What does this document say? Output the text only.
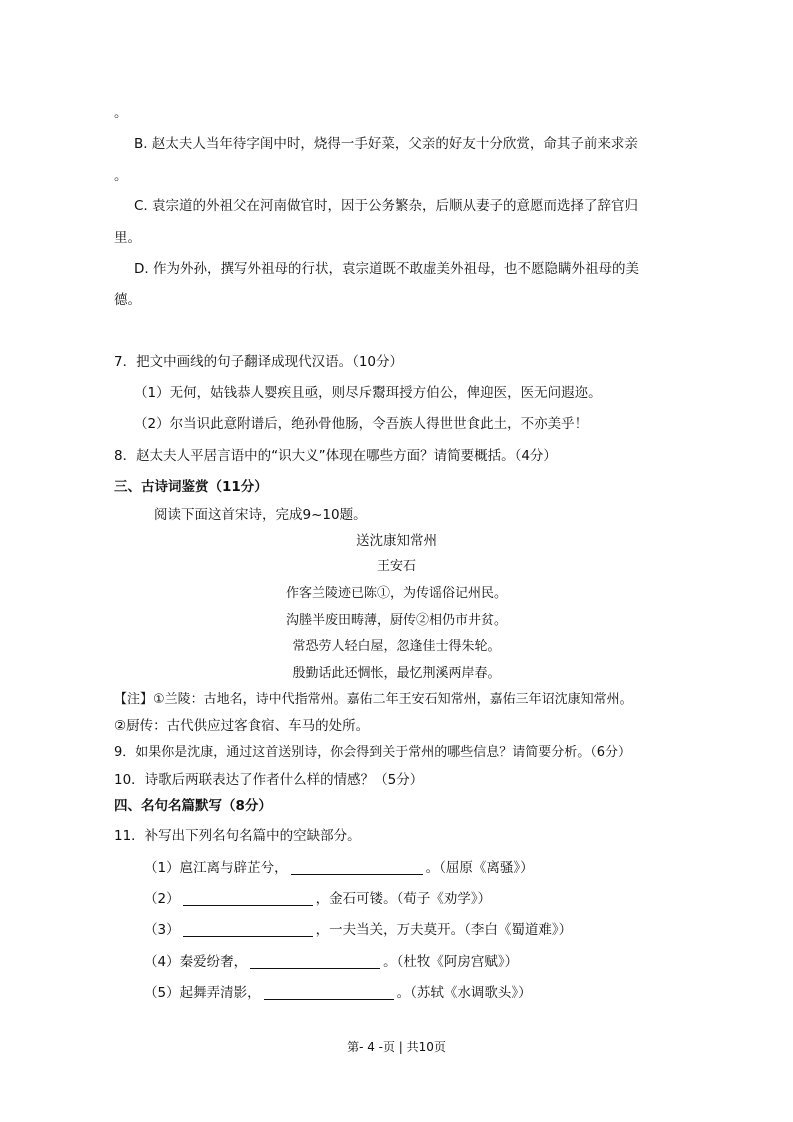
。
B. 赵太夫人当年待字闺中时，烧得一手好菜，父亲的好友十分欣赏，命其子前来求亲
。
C. 袁宗道的外祖父在河南做官时，因于公务繁杂，后顺从妻子的意愿而选择了辞官归
里。
D. 作为外孙，撰写外祖母的行状，袁宗道既不敢虚美外祖母，也不愿隐瞒外祖母的美
德。
7．把文中画线的句子翻译成现代汉语。（10分）
（1）无何，姑钱恭人婴疾且亟，则尽斥鬻珥授方伯公，俾迎医，医无问遐迩。
（2）尔当识此意附谱后，绝孙骨他肠，令吾族人得世世食此土，不亦美乎！
8．赵太夫人平居言语中的“识大义”体现在哪些方面？请简要概括。（4分）
三、古诗词鉴赏（11分）
阅读下面这首宋诗，完成9~10题。
送沈康知常州
王安石
作客兰陵迹已陈①，为传谣俗记州民。
沟塍半废田畴薄，厨传②相仍市井贫。
常恐劳人轻白屋，忽逢佳士得朱轮。
殷勤话此还惆怅，最忆荆溪两岸春。
【注】①兰陵：古地名，诗中代指常州。嘉佑二年王安石知常州，嘉佑三年诏沈康知常州。
②厨传：古代供应过客食宿、车马的处所。
9．如果你是沈康，通过这首送别诗，你会得到关于常州的哪些信息？请简要分析。（6分）
10．诗歌后两联表达了作者什么样的情感？（5分）
四、名句名篇默写（8分）
11．补写出下列名句名篇中的空缺部分。
（1）扈江离与辟芷兮，	。（屈原《离骚》）
（2）	，金石可镂。（荀子《劝学》）
（3）	，一夫当关，万夫莫开。（李白《蜀道难》）
（4）秦爱纷奢，	。（杜牧《阿房宫赋》）
（5）起舞弄清影，	。（苏轼《水调歌头》）
第- 4 -页 | 共10页
